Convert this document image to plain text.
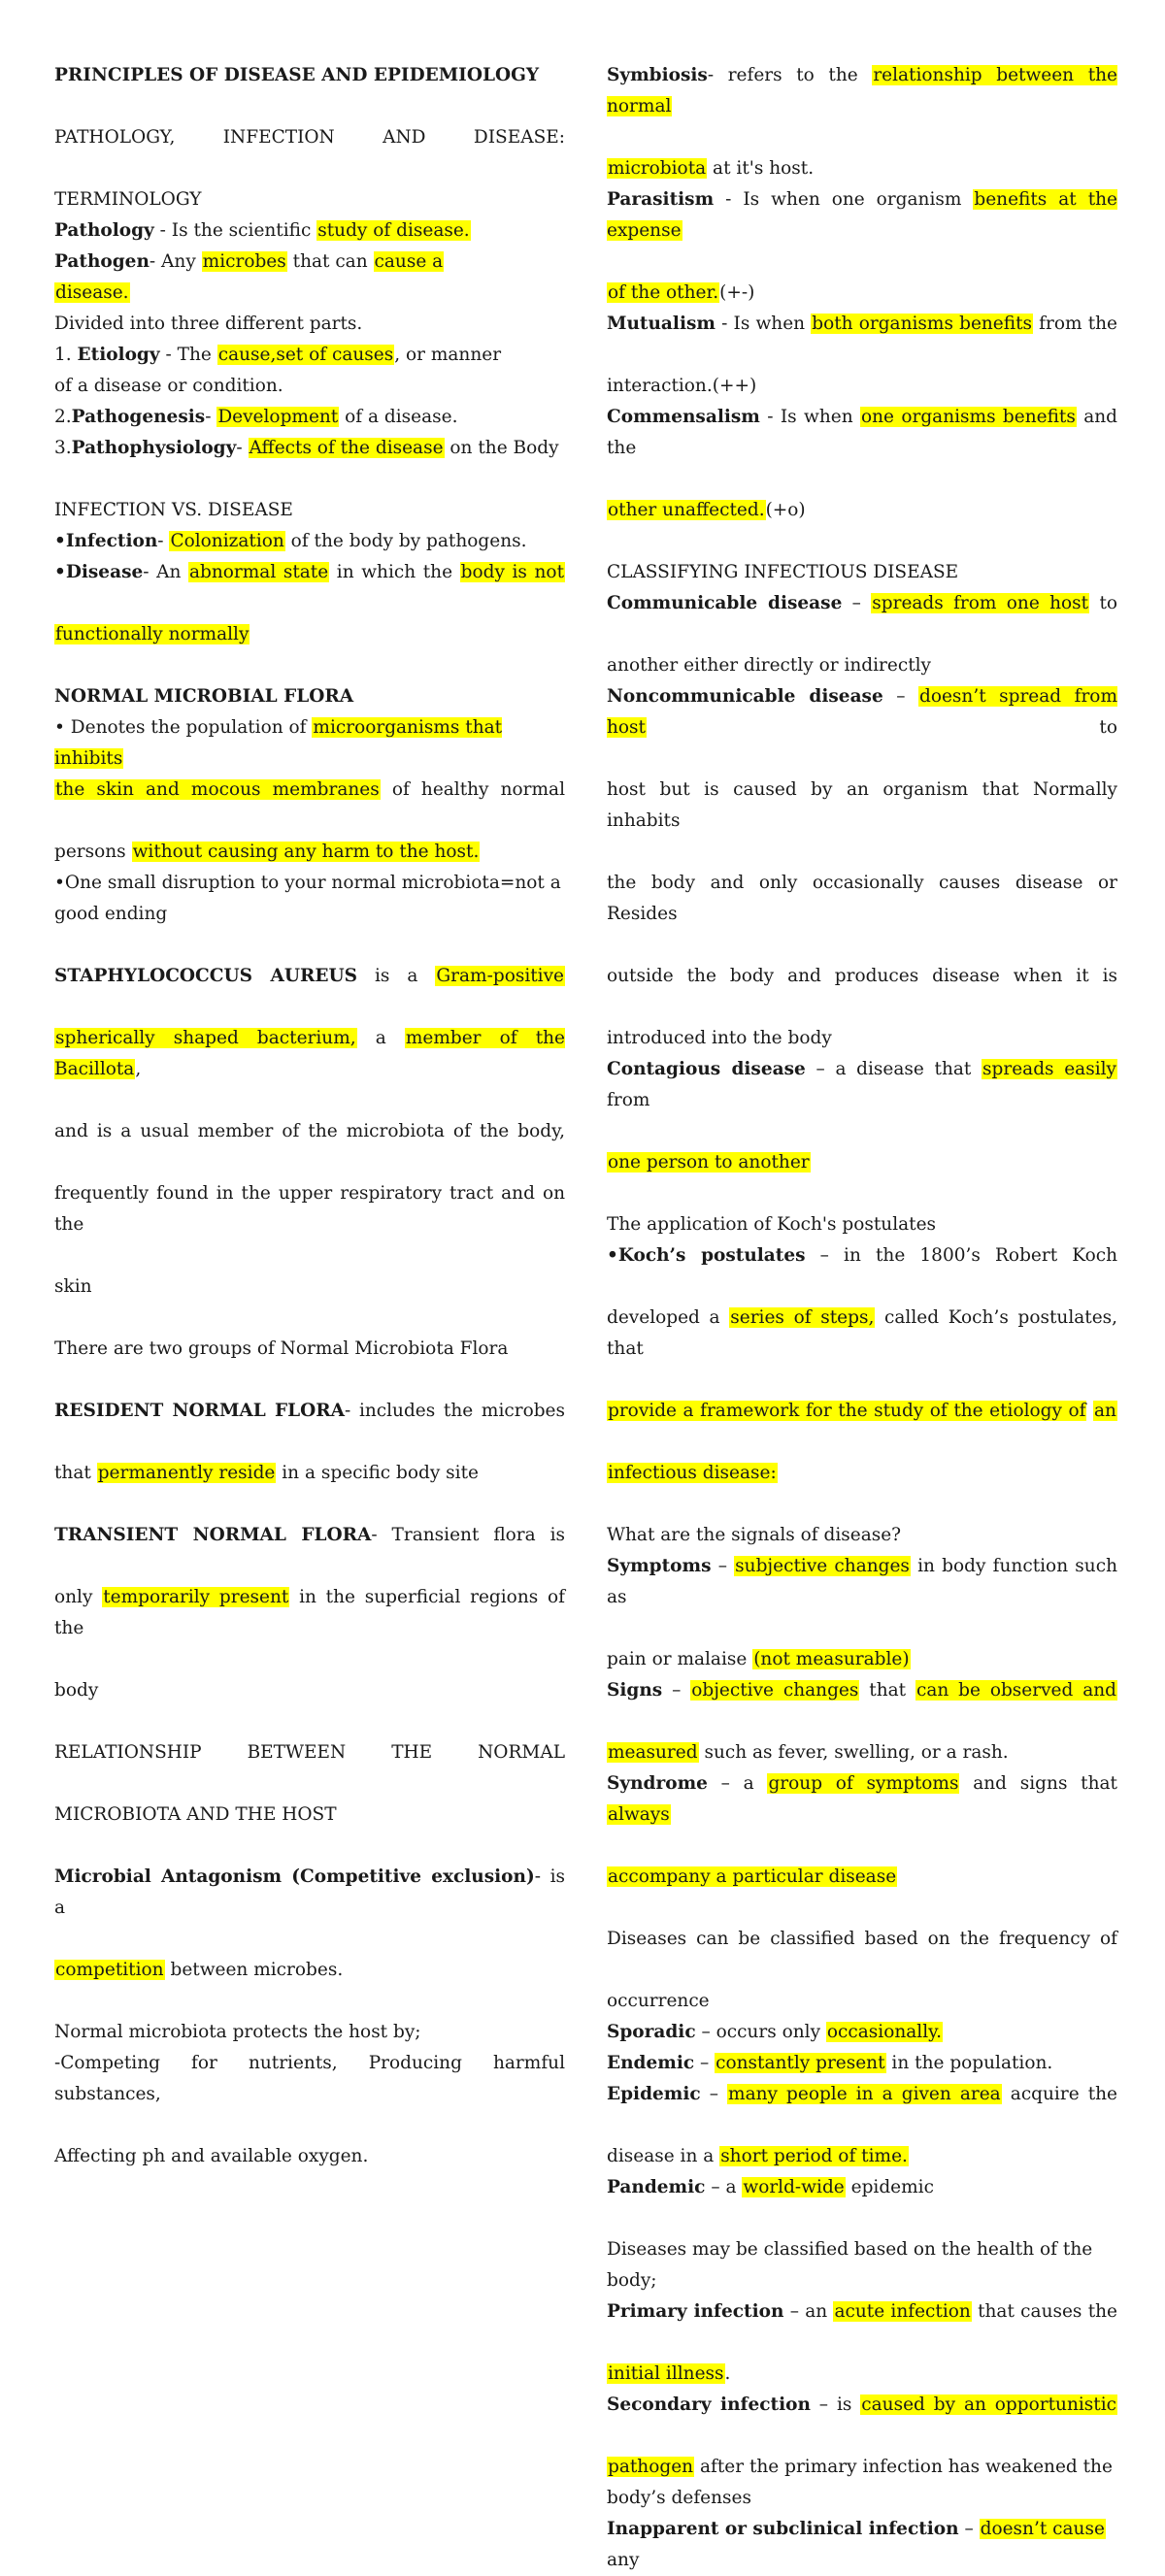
PRINCIPLES OF DISEASE AND EPIDEMIOLOGY

PATHOLOGY, INFECTION AND DISEASE:

TERMINOLOGY

Pathology - Is the scientific study of disease.

Pathogen- Any microbes that can cause a

disease.

Divided into three different parts.

1. Etiology - The cause,set of causes, or manner

of a disease or condition.

2.Pathogenesis- Development of a disease.

3.Pathophysiology- Affects of the disease on the Body

INFECTION VS. DISEASE

•Infection- Colonization of the body by pathogens.

•Disease- An abnormal state in which the body is not

functionally normally

NORMAL MICROBIAL FLORA

• Denotes the population of microorganisms that inhibits

the skin and mocous membranes of healthy normal

persons without causing any harm to the host.

•One small disruption to your normal microbiota=not a

good ending

STAPHYLOCOCCUS AUREUS is a Gram-positive

spherically shaped bacterium, a member of the Bacillota,

and is a usual member of the microbiota of the body,

frequently found in the upper respiratory tract and on the

skin

There are two groups of Normal Microbiota Flora

RESIDENT NORMAL FLORA- includes the microbes

that permanently reside in a specific body site

TRANSIENT NORMAL FLORA- Transient flora is

only temporarily present in the superficial regions of the

body

RELATIONSHIP BETWEEN THE NORMAL

MICROBIOTA AND THE HOST

Microbial Antagonism (Competitive exclusion)- is a

competition between microbes.

Normal microbiota protects the host by;

-Competing for nutrients, Producing harmful substances,

Affecting ph and available oxygen.

Symbiosis- refers to the relationship between the normal

microbiota at it's host.

Parasitism - Is when one organism benefits at the expense

of the other.(+-)

Mutualism - Is when both organisms benefits from the

interaction.(++)

Commensalism - Is when one organisms benefits and the

other unaffected.(+o)

CLASSIFYING INFECTIOUS DISEASE

Communicable disease – spreads from one host to

another either directly or indirectly

Noncommunicable disease – doesn’t spread from host to

host but is caused by an organism that Normally inhabits

the body and only occasionally causes disease or Resides

outside the body and produces disease when it is

introduced into the body

Contagious disease – a disease that spreads easily from

one person to another

The application of Koch's postulates

•Koch’s postulates – in the 1800’s Robert Koch

developed a series of steps, called Koch’s postulates, that

provide a framework for the study of the etiology of an

infectious disease:

What are the signals of disease?

Symptoms – subjective changes in body function such as

pain or malaise (not measurable)

Signs – objective changes that can be observed and

measured such as fever, swelling, or a rash.

Syndrome – a group of symptoms and signs that always

accompany a particular disease

Diseases can be classified based on the frequency of

occurrence

Sporadic – occurs only occasionally.

Endemic – constantly present in the population.

Epidemic – many people in a given area acquire the

disease in a short period of time.

Pandemic – a world-wide epidemic

Diseases may be classified based on the health of the

body;

Primary infection – an acute infection that causes the

initial illness.

Secondary infection – is caused by an opportunistic

pathogen after the primary infection has weakened the

body’s defenses

Inapparent or subclinical infection – doesn’t cause any
